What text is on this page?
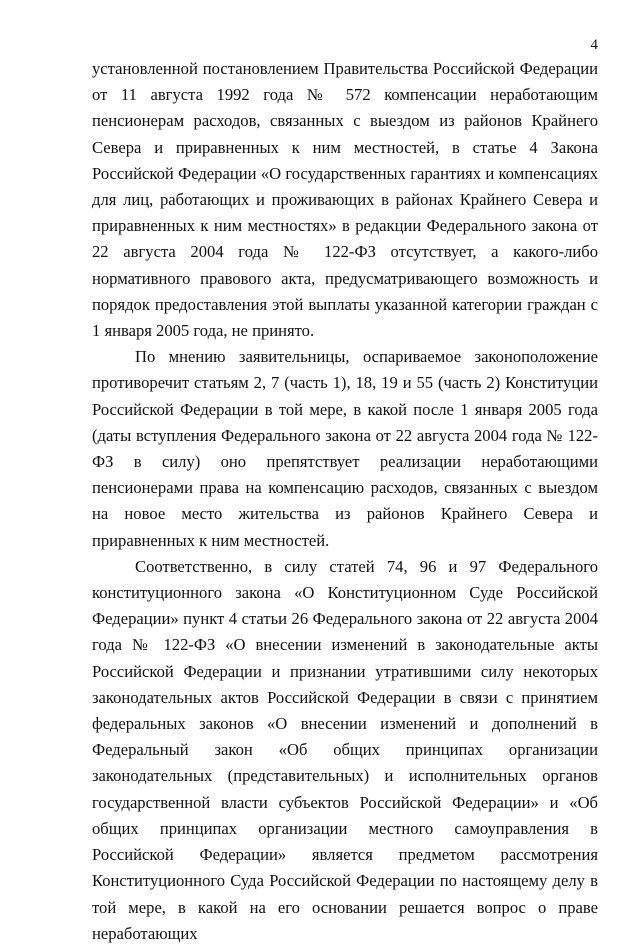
4

установленной постановлением Правительства Российской Федерации от 11 августа 1992 года № 572 компенсации неработающим пенсионерам расходов, связанных с выездом из районов Крайнего Севера и приравненных к ним местностей, в статье 4 Закона Российской Федерации «О государственных гарантиях и компенсациях для лиц, работающих и проживающих в районах Крайнего Севера и приравненных к ним местностях» в редакции Федерального закона от 22 августа 2004 года № 122-ФЗ отсутствует, а какого-либо нормативного правового акта, предусматривающего возможность и порядок предоставления этой выплаты указанной категории граждан с 1 января 2005 года, не принято.

По мнению заявительницы, оспариваемое законоположение противоречит статьям 2, 7 (часть 1), 18, 19 и 55 (часть 2) Конституции Российской Федерации в той мере, в какой после 1 января 2005 года (даты вступления Федерального закона от 22 августа 2004 года № 122-ФЗ в силу) оно препятствует реализации неработающими пенсионерами права на компенсацию расходов, связанных с выездом на новое место жительства из районов Крайнего Севера и приравненных к ним местностей.

Соответственно, в силу статей 74, 96 и 97 Федерального конституционного закона «О Конституционном Суде Российской Федерации» пункт 4 статьи 26 Федерального закона от 22 августа 2004 года № 122-ФЗ «О внесении изменений в законодательные акты Российской Федерации и признании утратившими силу некоторых законодательных актов Российской Федерации в связи с принятием федеральных законов «О внесении изменений и дополнений в Федеральный закон «Об общих принципах организации законодательных (представительных) и исполнительных органов государственной власти субъектов Российской Федерации» и «Об общих принципах организации местного самоуправления в Российской Федерации» является предметом рассмотрения Конституционного Суда Российской Федерации по настоящему делу в той мере, в какой на его основании решается вопрос о праве неработающих
